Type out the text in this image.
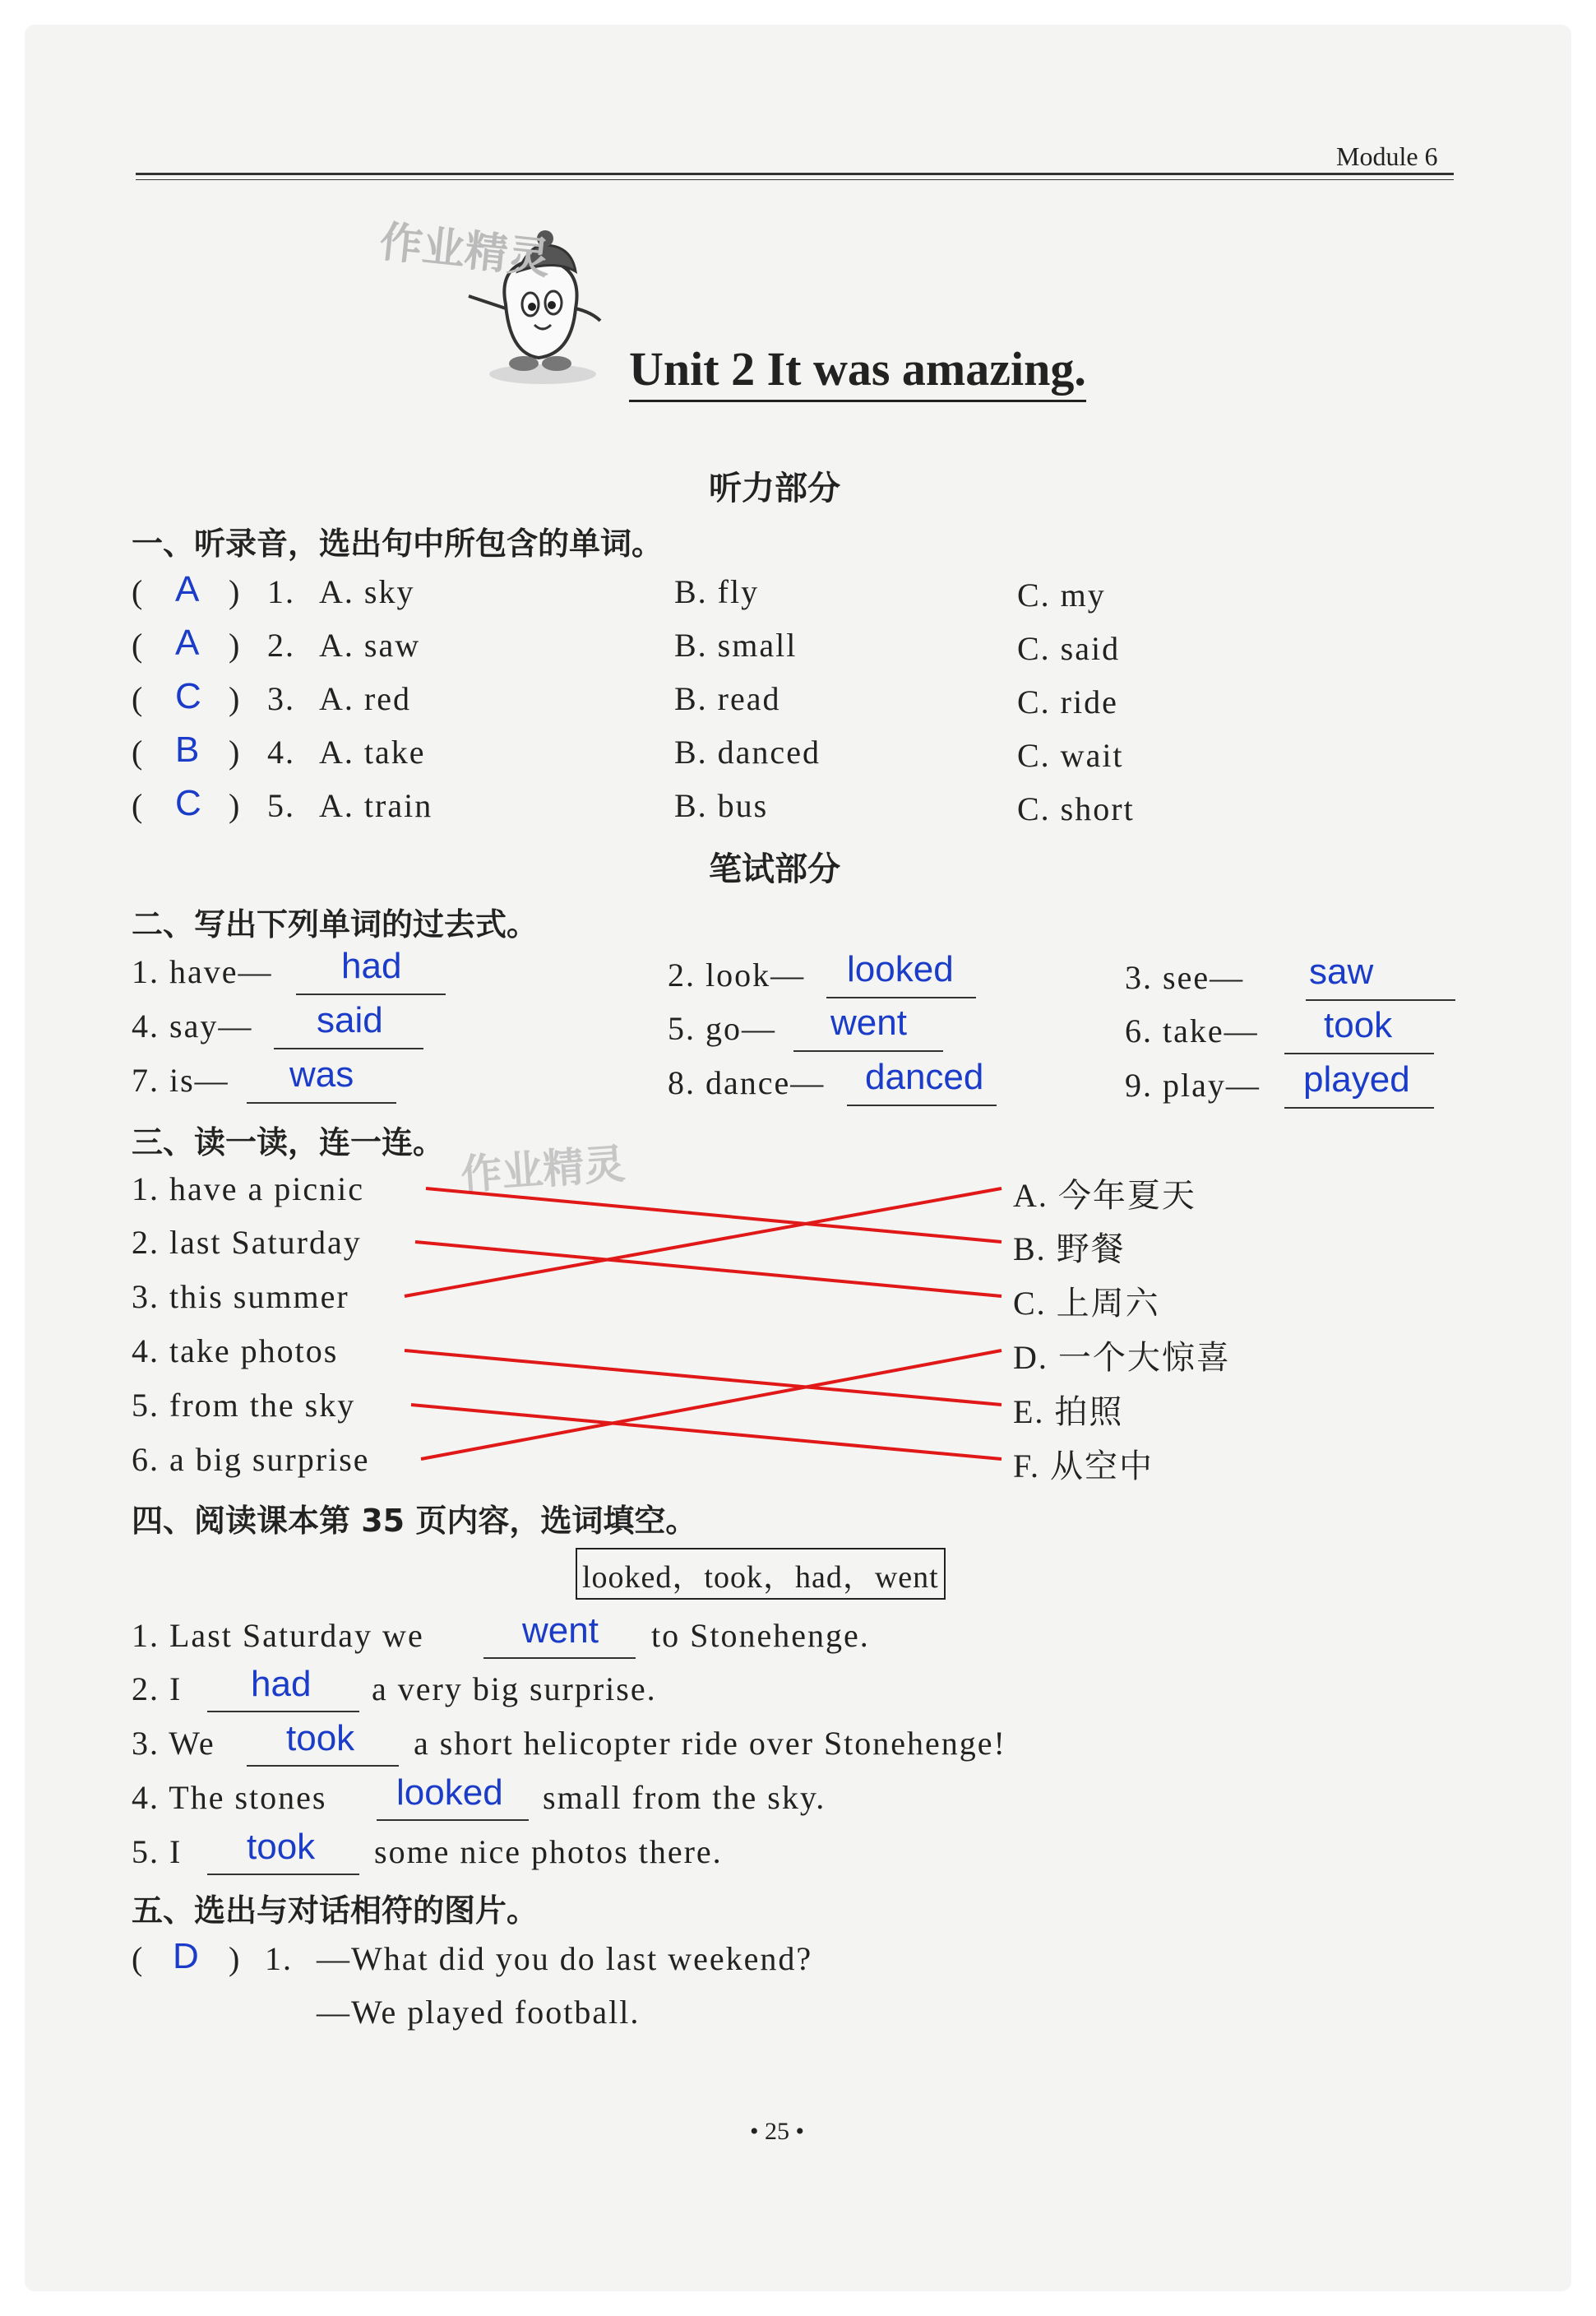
Module 6
作业精灵
Unit 2 It was amazing.
听力部分
一、听录音，选出句中所包含的单词。
( A ) 1. A. sky	B. fly	C. my
( A ) 2. A. saw	B. small	C. said
( C ) 3. A. red	B. read	C. ride
( B ) 4. A. take	B. danced	C. wait
( C ) 5. A. train	B. bus	C. short
笔试部分
二、写出下列单词的过去式。
1. have— had	2. look— looked	3. see— saw
4. say— said	5. go— went	6. take— took
7. is— was	8. dance— danced	9. play— played
三、读一读，连一连。 作业精灵
1. have a picnic
2. last Saturday
3. this summer
4. take photos
5. from the sky
6. a big surprise
A. 今年夏天
B. 野餐
C. 上周六
D. 一个大惊喜
E. 拍照
F. 从空中
四、阅读课本第 35 页内容，选词填空。
looked，took，had，went
1. Last Saturday we	went to Stonehenge.
2. I had a very big surprise.
3. We took a short helicopter ride over Stonehenge!
4. The stones looked small from the sky.
5. I took some nice photos there.
五、选出与对话相符的图片。
( D ) 1. —What did you do last weekend?
—We played football.
• 25 •
